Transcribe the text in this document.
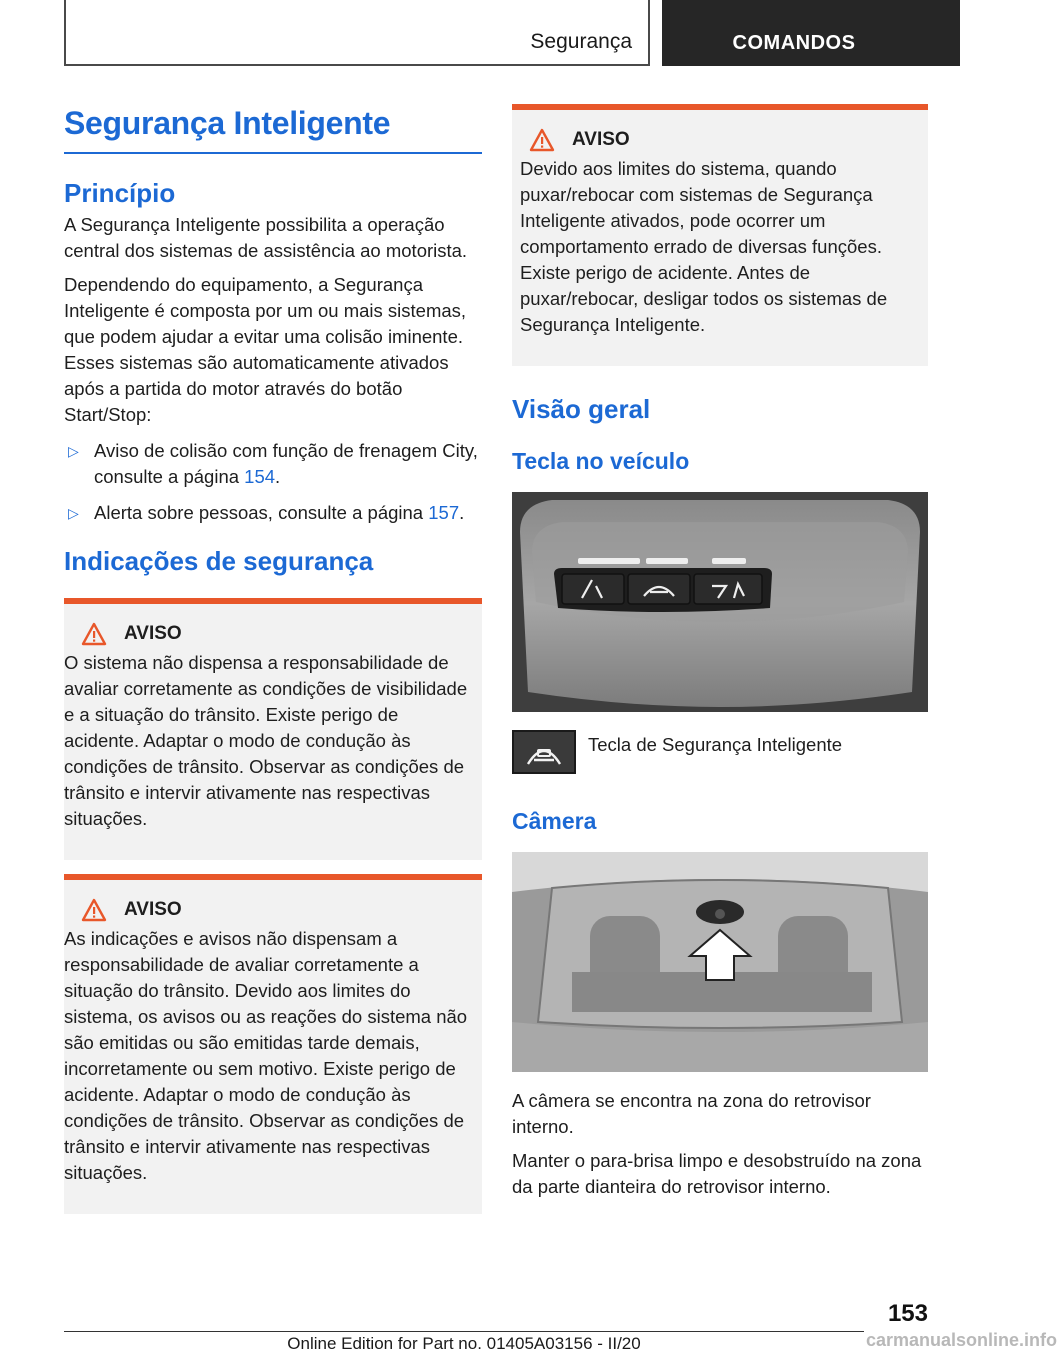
Segurança	COMANDOS
Segurança Inteligente
Princípio

A Segurança Inteligente possibilita a operação central dos sistemas de assistência ao motorista.

Dependendo do equipamento, a Segurança Inteligente é composta por um ou mais sistemas, que podem ajudar a evitar uma colisão iminente. Esses sistemas são automaticamente ativados após a partida do motor através do botão Start/Stop:

▷ Aviso de colisão com função de frenagem City, consulte a página 154.
▷ Alerta sobre pessoas, consulte a página 157.
Indicações de segurança
AVISO
O sistema não dispensa a responsabilidade de avaliar corretamente as condições de visibilidade e a situação do trânsito. Existe perigo de acidente. Adaptar o modo de condução às condições de trânsito. Observar as condições de trânsito e intervir ativamente nas respectivas situações.
AVISO
As indicações e avisos não dispensam a responsabilidade de avaliar corretamente a situação do trânsito. Devido aos limites do sistema, os avisos ou as reações do sistema não são emitidas ou são emitidas tarde demais, incorretamente ou sem motivo. Existe perigo de acidente. Adaptar o modo de condução às condições de trânsito. Observar as condições de trânsito e intervir ativamente nas respectivas situações.
AVISO
Devido aos limites do sistema, quando puxar/rebocar com sistemas de Segurança Inteligente ativados, pode ocorrer um comportamento errado de diversas funções. Existe perigo de acidente. Antes de puxar/rebocar, desligar todos os sistemas de Segurança Inteligente.
Visão geral
Tecla no veículo
Tecla de Segurança Inteligente
Câmera

A câmera se encontra na zona do retrovisor interno.

Manter o para-brisa limpo e desobstruído na zona da parte dianteira do retrovisor interno.

153
Online Edition for Part no. 01405A03156 - II/20	carmanualsonline.info
